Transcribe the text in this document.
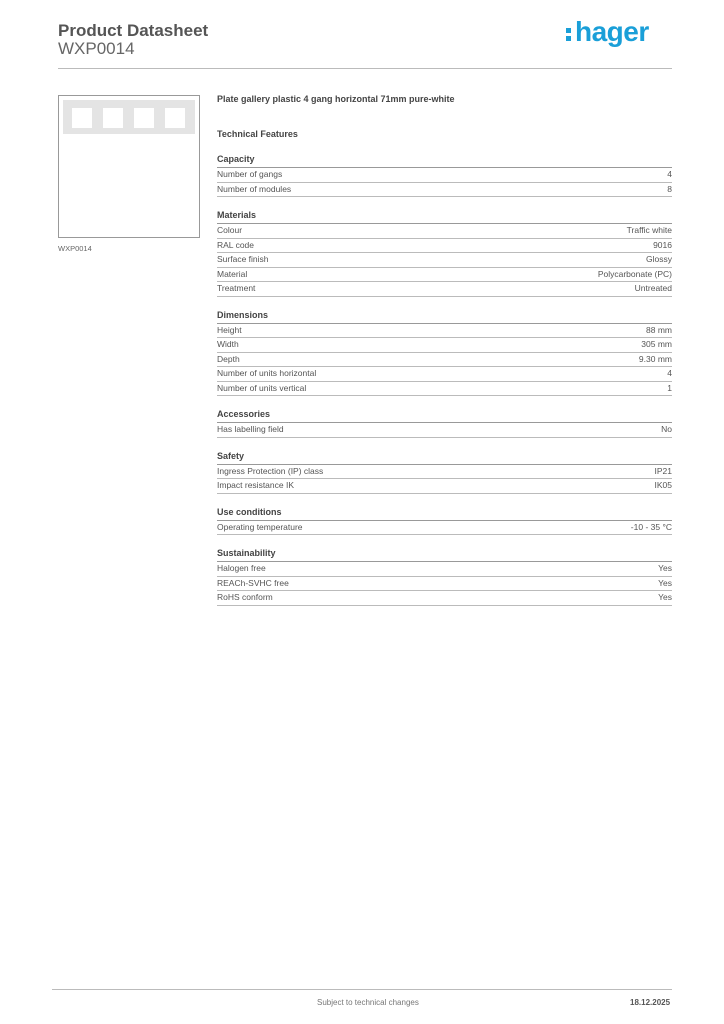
Product Datasheet
WXP0014
hager
WXP0014
Plate gallery plastic 4 gang horizontal 71mm pure-white
Technical Features
Capacity
Number of gangs	4
Number of modules	8
Materials
Colour	Traffic white
RAL code	9016
Surface finish	Glossy
Material	Polycarbonate (PC)
Treatment	Untreated
Dimensions
Height	88 mm
Width	305 mm
Depth	9.30 mm
Number of units horizontal	4
Number of units vertical	1
Accessories
Has labelling field	No
Safety
Ingress Protection (IP) class	IP21
Impact resistance IK	IK05
Use conditions
Operating temperature	-10 - 35 °C
Sustainability
Halogen free	Yes
REACh-SVHC free	Yes
RoHS conform	Yes
Subject to technical changes	18.12.2025
